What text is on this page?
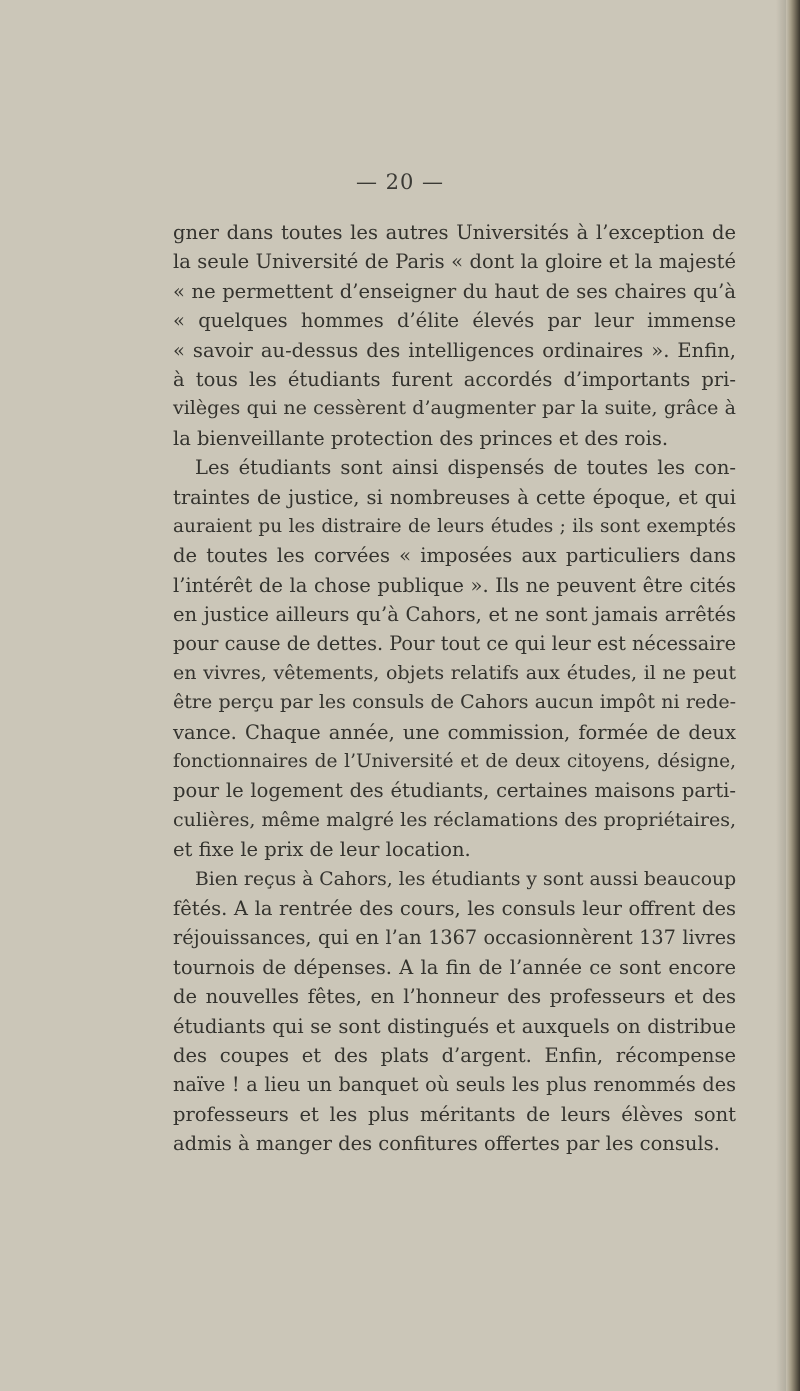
— 20 —
gner dans toutes les autres Universités à l’exception de
la seule Université de Paris « dont la gloire et la majesté
« ne permettent d’enseigner du haut de ses chaires qu’à
« quelques hommes d’élite élevés par leur immense
« savoir au-dessus des intelligences ordinaires ». Enfin,
à tous les étudiants furent accordés d’importants pri-
vilèges qui ne cessèrent d’augmenter par la suite, grâce à
la bienveillante protection des princes et des rois.
Les étudiants sont ainsi dispensés de toutes les con-
traintes de justice, si nombreuses à cette époque, et qui
auraient pu les distraire de leurs études ; ils sont exemptés
de toutes les corvées « imposées aux particuliers dans
l’intérêt de la chose publique ». Ils ne peuvent être cités
en justice ailleurs qu’à Cahors, et ne sont jamais arrêtés
pour cause de dettes. Pour tout ce qui leur est nécessaire
en vivres, vêtements, objets relatifs aux études, il ne peut
être perçu par les consuls de Cahors aucun impôt ni rede-
vance. Chaque année, une commission, formée de deux
fonctionnaires de l’Université et de deux citoyens, désigne,
pour le logement des étudiants, certaines maisons parti-
culières, même malgré les réclamations des propriétaires,
et fixe le prix de leur location.
Bien reçus à Cahors, les étudiants y sont aussi beaucoup
fêtés. A la rentrée des cours, les consuls leur offrent des
réjouissances, qui en l’an 1367 occasionnèrent 137 livres
tournois de dépenses. A la fin de l’année ce sont encore
de nouvelles fêtes, en l’honneur des professeurs et des
étudiants qui se sont distingués et auxquels on distribue
des coupes et des plats d’argent. Enfin, récompense
naïve ! a lieu un banquet où seuls les plus renommés des
professeurs et les plus méritants de leurs élèves sont
admis à manger des confitures offertes par les consuls.
